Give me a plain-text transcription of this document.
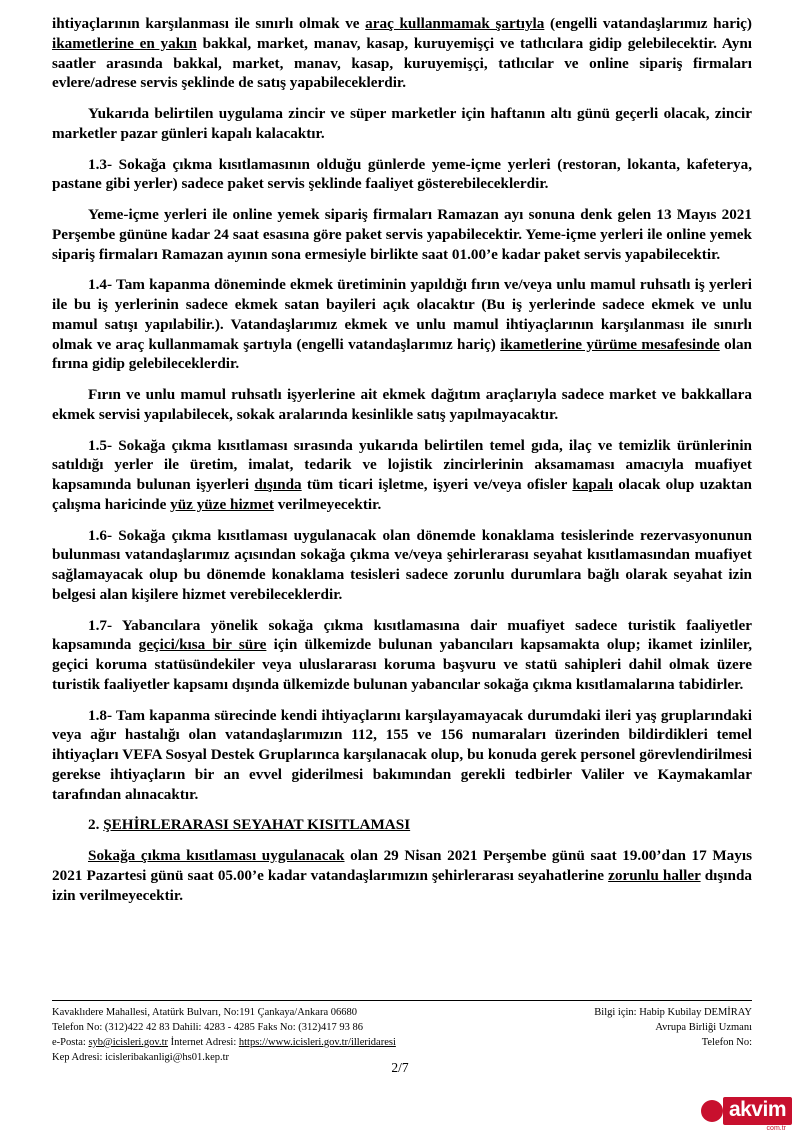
ihtiyaçlarının karşılanması ile sınırlı olmak ve araç kullanmamak şartıyla (engelli vatandaşlarımız hariç) ikametlerine en yakın bakkal, market, manav, kasap, kuruyemişçi ve tatlıcılara gidip gelebilecektir. Aynı saatler arasında bakkal, market, manav, kasap, kuruyemişçi, tatlıcılar ve online sipariş firmaları evlere/adrese servis şeklinde de satış yapabileceklerdir.

Yukarıda belirtilen uygulama zincir ve süper marketler için haftanın altı günü geçerli olacak, zincir marketler pazar günleri kapalı kalacaktır.

1.3- Sokağa çıkma kısıtlamasının olduğu günlerde yeme-içme yerleri (restoran, lokanta, kafeterya, pastane gibi yerler) sadece paket servis şeklinde faaliyet gösterebileceklerdir.

Yeme-içme yerleri ile online yemek sipariş firmaları Ramazan ayı sonuna denk gelen 13 Mayıs 2021 Perşembe gününe kadar 24 saat esasına göre paket servis yapabilecektir. Yeme-içme yerleri ile online yemek sipariş firmaları Ramazan ayının sona ermesiyle birlikte saat 01.00’e kadar paket servis yapabilecektir.

1.4- Tam kapanma döneminde ekmek üretiminin yapıldığı fırın ve/veya unlu mamul ruhsatlı iş yerleri ile bu iş yerlerinin sadece ekmek satan bayileri açık olacaktır (Bu iş yerlerinde sadece ekmek ve unlu mamul satışı yapılabilir.). Vatandaşlarımız ekmek ve unlu mamul ihtiyaçlarının karşılanması ile sınırlı olmak ve araç kullanmamak şartıyla (engelli vatandaşlarımız hariç) ikametlerine yürüme mesafesinde olan fırına gidip gelebileceklerdir.

Fırın ve unlu mamul ruhsatlı işyerlerine ait ekmek dağıtım araçlarıyla sadece market ve bakkallara ekmek servisi yapılabilecek, sokak aralarında kesinlikle satış yapılmayacaktır.

1.5- Sokağa çıkma kısıtlaması sırasında yukarıda belirtilen temel gıda, ilaç ve temizlik ürünlerinin satıldığı yerler ile üretim, imalat, tedarik ve lojistik zincirlerinin aksamaması amacıyla muafiyet kapsamında bulunan işyerleri dışında tüm ticari işletme, işyeri ve/veya ofisler kapalı olacak olup uzaktan çalışma haricinde yüz yüze hizmet verilmeyecektir.

1.6- Sokağa çıkma kısıtlaması uygulanacak olan dönemde konaklama tesislerinde rezervasyonunun bulunması vatandaşlarımız açısından sokağa çıkma ve/veya şehirlerarası seyahat kısıtlamasından muafiyet sağlamayacak olup bu dönemde konaklama tesisleri sadece zorunlu durumlara bağlı olarak seyahat izin belgesi alan kişilere hizmet verebileceklerdir.

1.7- Yabancılara yönelik sokağa çıkma kısıtlamasına dair muafiyet sadece turistik faaliyetler kapsamında geçici/kısa bir süre için ülkemizde bulunan yabancıları kapsamakta olup; ikamet izinliler, geçici koruma statüsündekiler veya uluslararası koruma başvuru ve statü sahipleri dahil olmak üzere turistik faaliyetler kapsamı dışında ülkemizde bulunan yabancılar sokağa çıkma kısıtlamalarına tabidirler.

1.8- Tam kapanma sürecinde kendi ihtiyaçlarını karşılayamayacak durumdaki ileri yaş gruplarındaki veya ağır hastalığı olan vatandaşlarımızın 112, 155 ve 156 numaraları üzerinden bildirdikleri temel ihtiyaçları VEFA Sosyal Destek Gruplarınca karşılanacak olup, bu konuda gerek personel görevlendirilmesi gerekse ihtiyaçların bir an evvel giderilmesi bakımından gerekli tedbirler Valiler ve Kaymakamlar tarafından alınacaktır.

2. ŞEHİRLERARASI SEYAHAT KISITLAMASI

Sokağa çıkma kısıtlaması uygulanacak olan 29 Nisan 2021 Perşembe günü saat 19.00’dan 17 Mayıs 2021 Pazartesi günü saat 05.00’e kadar vatandaşlarımızın şehirlerarası seyahatlerine zorunlu haller dışında izin verilmeyecektir.

Kavaklıdere Mahallesi, Atatürk Bulvarı, No:191 Çankaya/Ankara 06680
Telefon No: (312)422 42 83 Dahili: 4283 - 4285 Faks No: (312)417 93 86
e-Posta: syb@icisleri.gov.tr İnternet Adresi: https://www.icisleri.gov.tr/illeridaresi
Kep Adresi: icisleribakanligi@hs01.kep.tr
Bilgi için: Habip Kubilay DEMİRAY
Avrupa Birliği Uzmanı
Telefon No:
2/7
akvim
com.tr
